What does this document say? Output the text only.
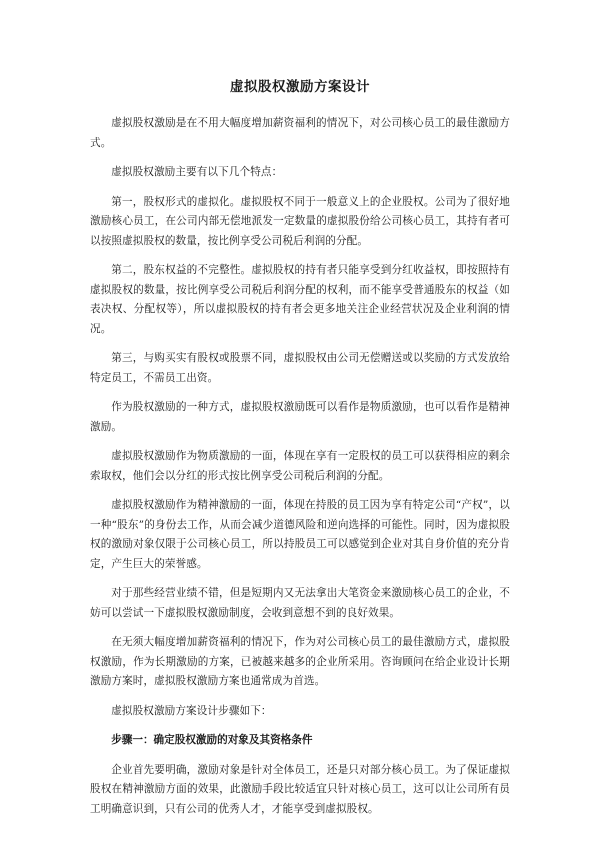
虚拟股权激励方案设计

虚拟股权激励是在不用大幅度增加薪资福利的情况下，对公司核心员工的最佳激励方式。

虚拟股权激励主要有以下几个特点：

第一，股权形式的虚拟化。虚拟股权不同于一般意义上的企业股权。公司为了很好地激励核心员工，在公司内部无偿地派发一定数量的虚拟股份给公司核心员工，其持有者可以按照虚拟股权的数量，按比例享受公司税后利润的分配。

第二，股东权益的不完整性。虚拟股权的持有者只能享受到分红收益权，即按照持有虚拟股权的数量，按比例享受公司税后利润分配的权利，而不能享受普通股东的权益（如表决权、分配权等），所以虚拟股权的持有者会更多地关注企业经营状况及企业利润的情况。

第三，与购买实有股权或股票不同，虚拟股权由公司无偿赠送或以奖励的方式发放给特定员工，不需员工出资。

作为股权激励的一种方式，虚拟股权激励既可以看作是物质激励，也可以看作是精神激励。

虚拟股权激励作为物质激励的一面，体现在享有一定股权的员工可以获得相应的剩余索取权，他们会以分红的形式按比例享受公司税后利润的分配。

虚拟股权激励作为精神激励的一面，体现在持股的员工因为享有特定公司“产权”，以一种“股东”的身份去工作，从而会减少道德风险和逆向选择的可能性。同时，因为虚拟股权的激励对象仅限于公司核心员工，所以持股员工可以感觉到企业对其自身价值的充分肯定，产生巨大的荣誉感。

对于那些经营业绩不错，但是短期内又无法拿出大笔资金来激励核心员工的企业，不妨可以尝试一下虚拟股权激励制度，会收到意想不到的良好效果。

在无须大幅度增加薪资福利的情况下，作为对公司核心员工的最佳激励方式，虚拟股权激励，作为长期激励的方案，已被越来越多的企业所采用。咨询顾问在给企业设计长期激励方案时，虚拟股权激励方案也通常成为首选。

虚拟股权激励方案设计步骤如下：

步骤一：确定股权激励的对象及其资格条件

企业首先要明确，激励对象是针对全体员工，还是只对部分核心员工。为了保证虚拟股权在精神激励方面的效果，此激励手段比较适宜只针对核心员工，这可以让公司所有员工明确意识到，只有公司的优秀人才，才能享受到虚拟股权。
